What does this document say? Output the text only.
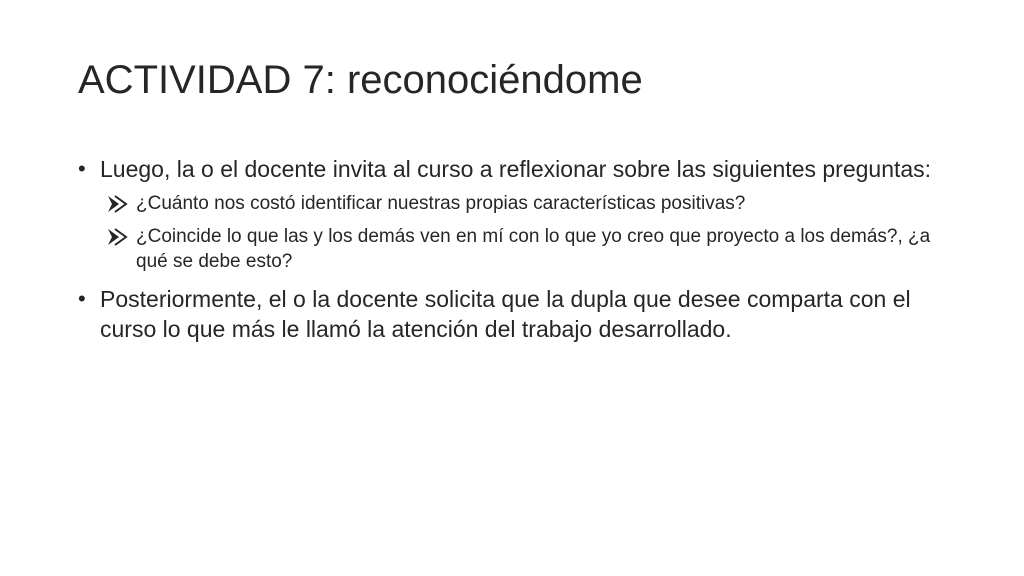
ACTIVIDAD 7: reconociéndome
• Luego, la o el docente invita al curso a reflexionar sobre las siguientes preguntas:
¿Cuánto nos costó identificar nuestras propias características positivas?
¿Coincide lo que las y los demás ven en mí con lo que yo creo que proyecto a los demás?, ¿a qué se debe esto?
• Posteriormente, el o la docente solicita que la dupla que desee comparta con el curso lo que más le llamó la atención del trabajo desarrollado.
